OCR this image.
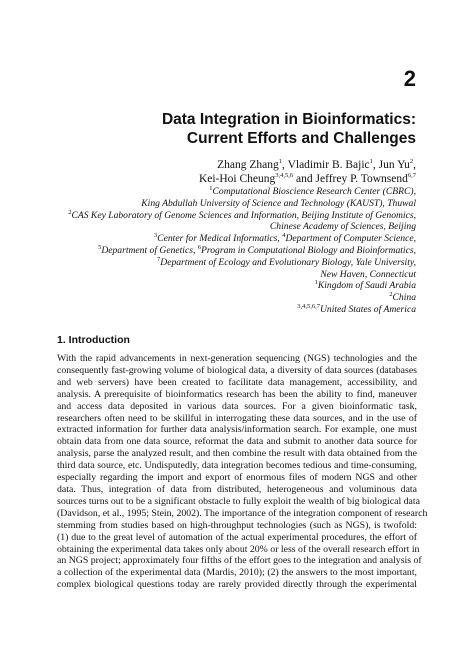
2
Data Integration in Bioinformatics:
Current Efforts and Challenges
Zhang Zhang$^1$, Vladimir B. Bajic$^1$, Jun Yu$^2$,
Kei-Hoi Cheung$^{3,4,5,6}$ and Jeffrey P. Townsend$^{6,7}$
$^1$Computational Bioscience Research Center (CBRC),
King Abdullah University of Science and Technology (KAUST), Thuwal
$^2$CAS Key Laboratory of Genome Sciences and Information, Beijing Institute of Genomics,
Chinese Academy of Sciences, Beijing
$^3$Center for Medical Informatics, $^4$Department of Computer Science,
$^5$Department of Genetics, $^6$Program in Computational Biology and Bioinformatics,
$^7$Department of Ecology and Evolutionary Biology, Yale University,
New Haven, Connecticut
$^1$Kingdom of Saudi Arabia
$^2$China
$^{3,4,5,6,7}$United States of America
1. Introduction
With the rapid advancements in next-generation sequencing (NGS) technologies and the
consequently fast-growing volume of biological data, a diversity of data sources (databases
and web servers) have been created to facilitate data management, accessibility, and
analysis. A prerequisite of bioinformatics research has been the ability to find, maneuver
and access data deposited in various data sources. For a given bioinformatic task,
researchers often need to be skillful in interrogating these data sources, and in the use of
extracted information for further data analysis/information search. For example, one must
obtain data from one data source, reformat the data and submit to another data source for
analysis, parse the analyzed result, and then combine the result with data obtained from the
third data source, etc. Undisputedly, data integration becomes tedious and time-consuming,
especially regarding the import and export of enormous files of modern NGS and other
data. Thus, integration of data from distributed, heterogeneous and voluminous data
sources turns out to be a significant obstacle to fully exploit the wealth of big biological data
(Davidson, et al., 1995; Stein, 2002). The importance of the integration component of research
stemming from studies based on high-throughput technologies (such as NGS), is twofold:
(1) due to the great level of automation of the actual experimental procedures, the effort of
obtaining the experimental data takes only about 20% or less of the overall research effort in
an NGS project; approximately four fifths of the effort goes to the integration and analysis of
a collection of the experimental data (Mardis, 2010); (2) the answers to the most important,
complex biological questions today are rarely provided directly through the experimental
